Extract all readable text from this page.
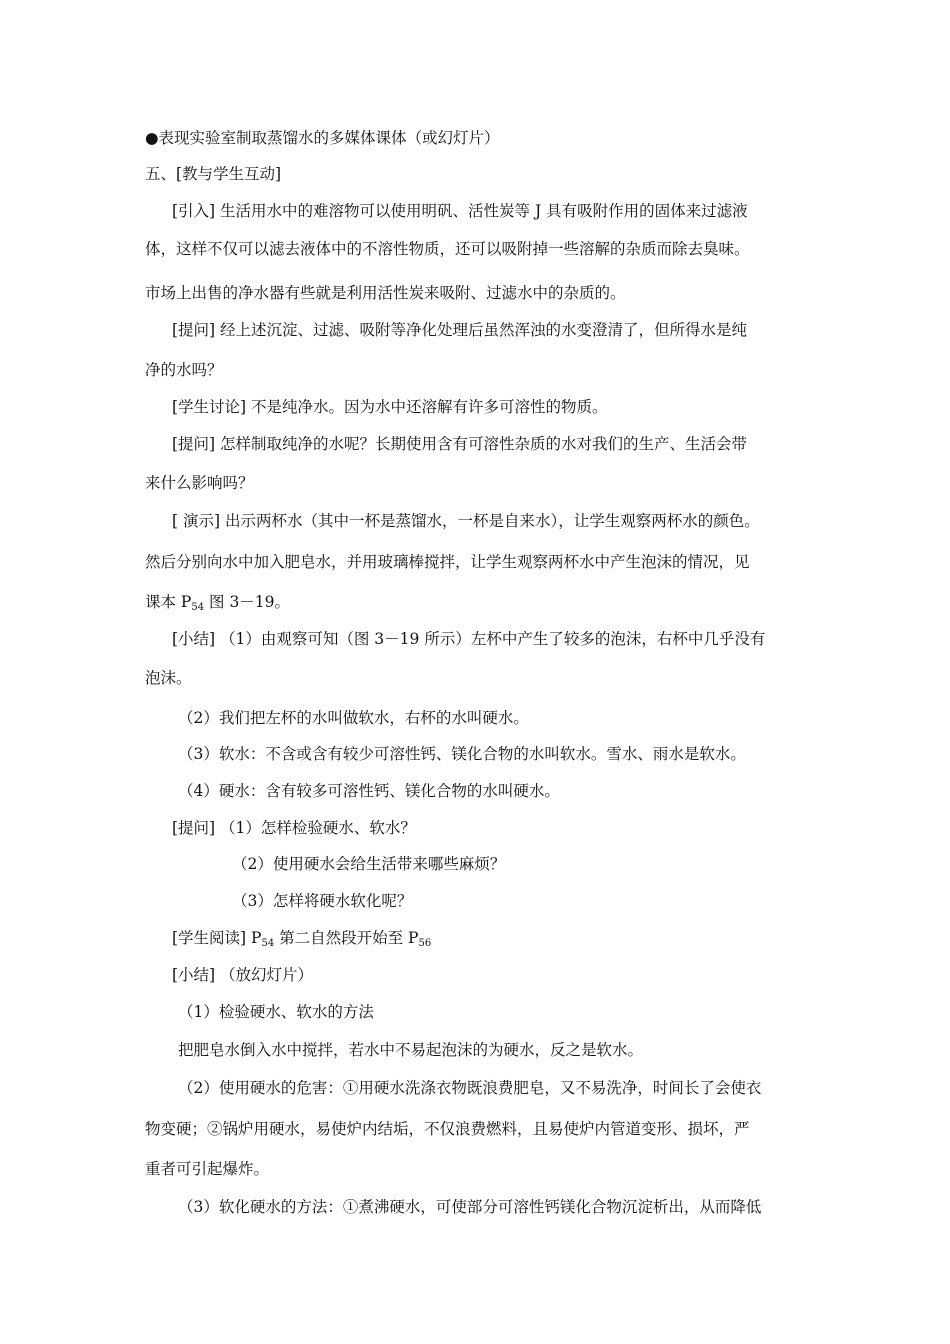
●表现实验室制取蒸馏水的多媒体课体（或幻灯片）
五、[教与学生互动]
[引入] 生活用水中的难溶物可以使用明矾、活性炭等 J 具有吸附作用的固体来过滤液
体，这样不仅可以滤去液体中的不溶性物质，还可以吸附掉一些溶解的杂质而除去臭味。
市场上出售的净水器有些就是利用活性炭来吸附、过滤水中的杂质的。
[提问] 经上述沉淀、过滤、吸附等净化处理后虽然浑浊的水变澄清了，但所得水是纯
净的水吗？
[学生讨论] 不是纯净水。因为水中还溶解有许多可溶性的物质。
[提问] 怎样制取纯净的水呢？长期使用含有可溶性杂质的水对我们的生产、生活会带
来什么影响吗？
[ 演示] 出示两杯水（其中一杯是蒸馏水，一杯是自来水），让学生观察两杯水的颜色。
然后分别向水中加入肥皂水，并用玻璃棒搅拌，让学生观察两杯水中产生泡沫的情况，见
课本 $P_{54}$ 图 3－19。
[小结] （1）由观察可知（图 3－19 所示）左杯中产生了较多的泡沫，右杯中几乎没有
泡沫。
（2）我们把左杯的水叫做软水，右杯的水叫硬水。
（3）软水：不含或含有较少可溶性钙、镁化合物的水叫软水。雪水、雨水是软水。
（4）硬水：含有较多可溶性钙、镁化合物的水叫硬水。
[提问] （1）怎样检验硬水、软水？
（2）使用硬水会给生活带来哪些麻烦？
（3）怎样将硬水软化呢？
[学生阅读] $P_{54}$ 第二自然段开始至 $P_{56}$
[小结] （放幻灯片）
（1）检验硬水、软水的方法
把肥皂水倒入水中搅拌，若水中不易起泡沫的为硬水，反之是软水。
（2）使用硬水的危害：①用硬水洗涤衣物既浪费肥皂，又不易洗净，时间长了会使衣
物变硬；②锅炉用硬水，易使炉内结垢，不仅浪费燃料，且易使炉内管道变形、损坏，严
重者可引起爆炸。
（3）软化硬水的方法：①煮沸硬水，可使部分可溶性钙镁化合物沉淀析出，从而降低
